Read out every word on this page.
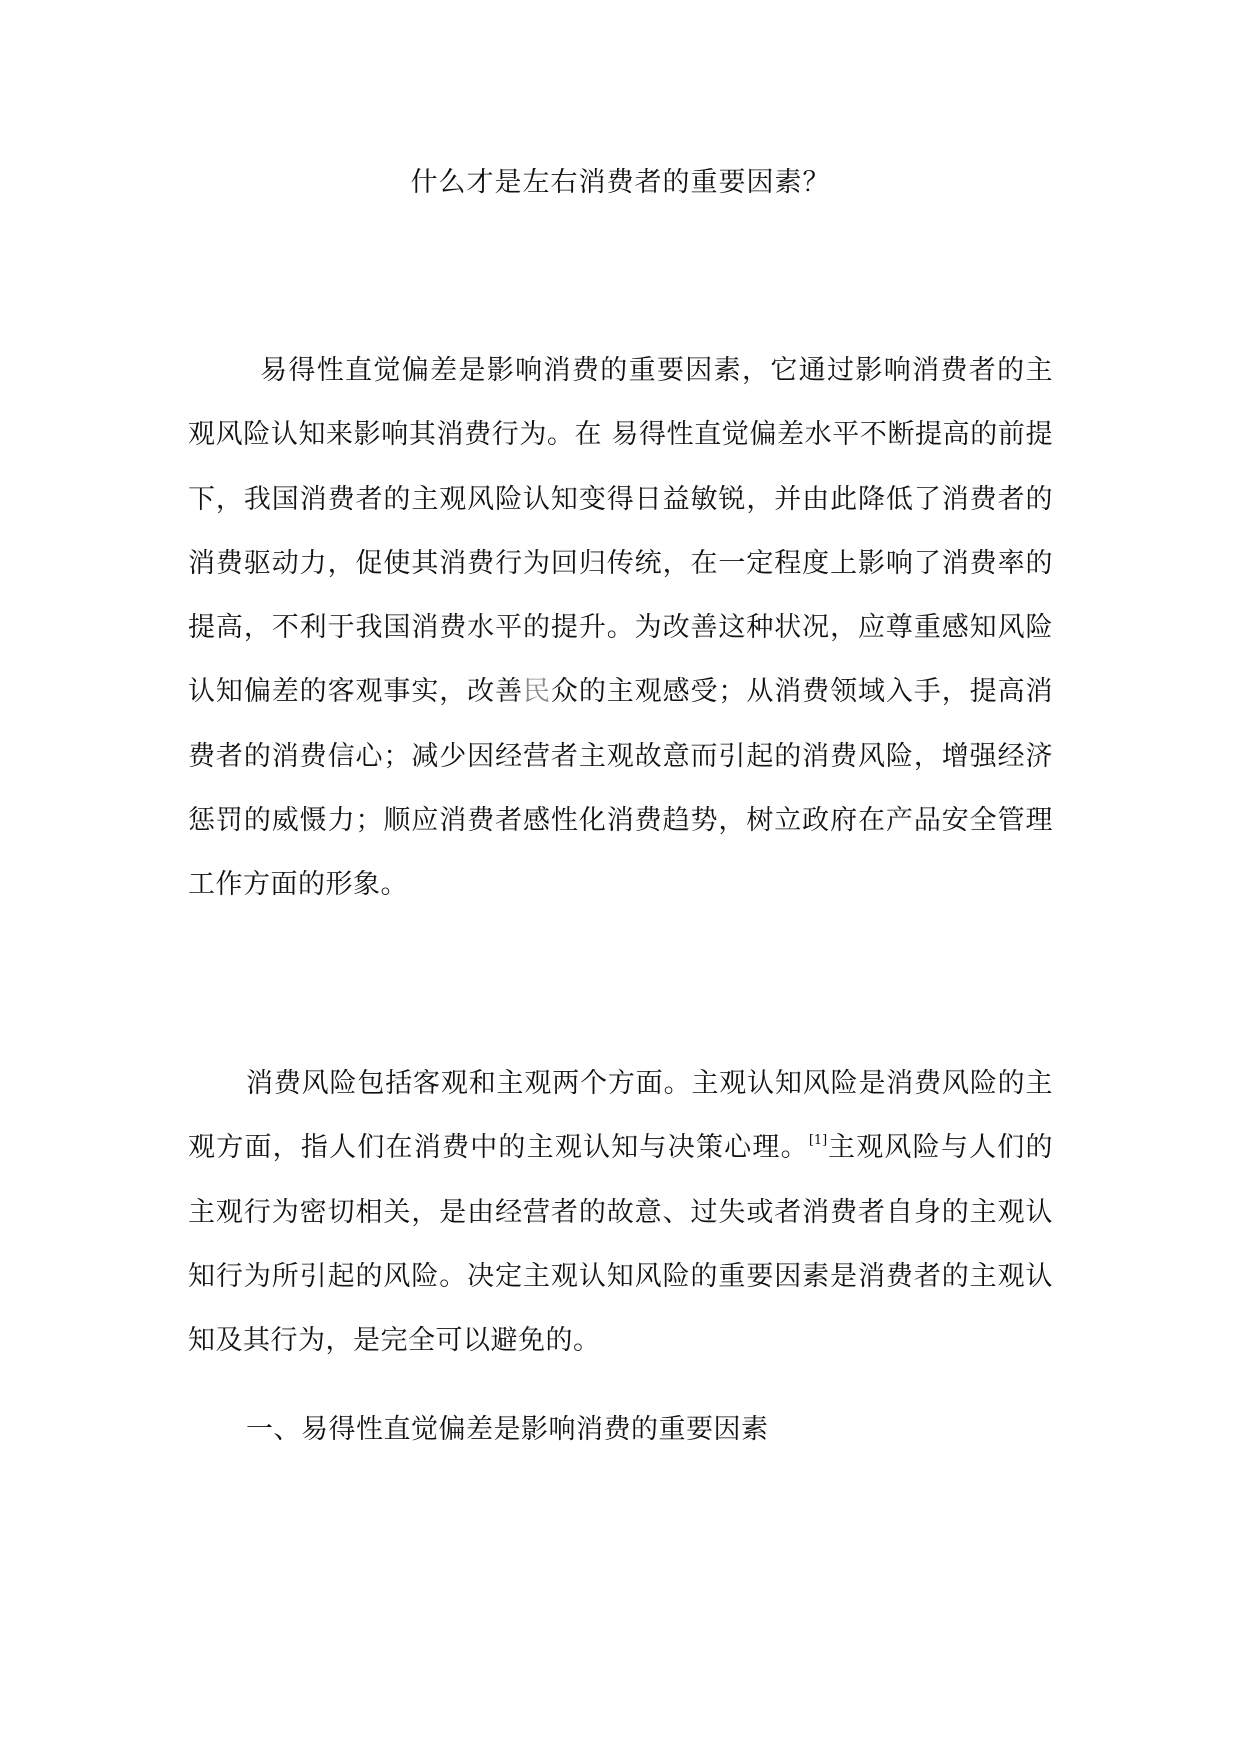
什么才是左右消费者的重要因素？

易得性直觉偏差是影响消费的重要因素，它通过影响消费者的主观风险认知来影响其消费行为。在 易得性直觉偏差水平不断提高的前提下，我国消费者的主观风险认知变得日益敏锐，并由此降低了消费者的消费驱动力，促使其消费行为回归传统，在一定程度上影响了消费率的提高，不利于我国消费水平的提升。为改善这种状况，应尊重感知风险认知偏差的客观事实，改善民众的主观感受；从消费领域入手，提高消费者的消费信心；减少因经营者主观故意而引起的消费风险，增强经济惩罚的威慑力；顺应消费者感性化消费趋势，树立政府在产品安全管理工作方面的形象。

消费风险包括客观和主观两个方面。主观认知风险是消费风险的主观方面，指人们在消费中的主观认知与决策心理。[1]主观风险与人们的主观行为密切相关，是由经营者的故意、过失或者消费者自身的主观认知行为所引起的风险。决定主观认知风险的重要因素是消费者的主观认知及其行为，是完全可以避免的。

一、易得性直觉偏差是影响消费的重要因素
